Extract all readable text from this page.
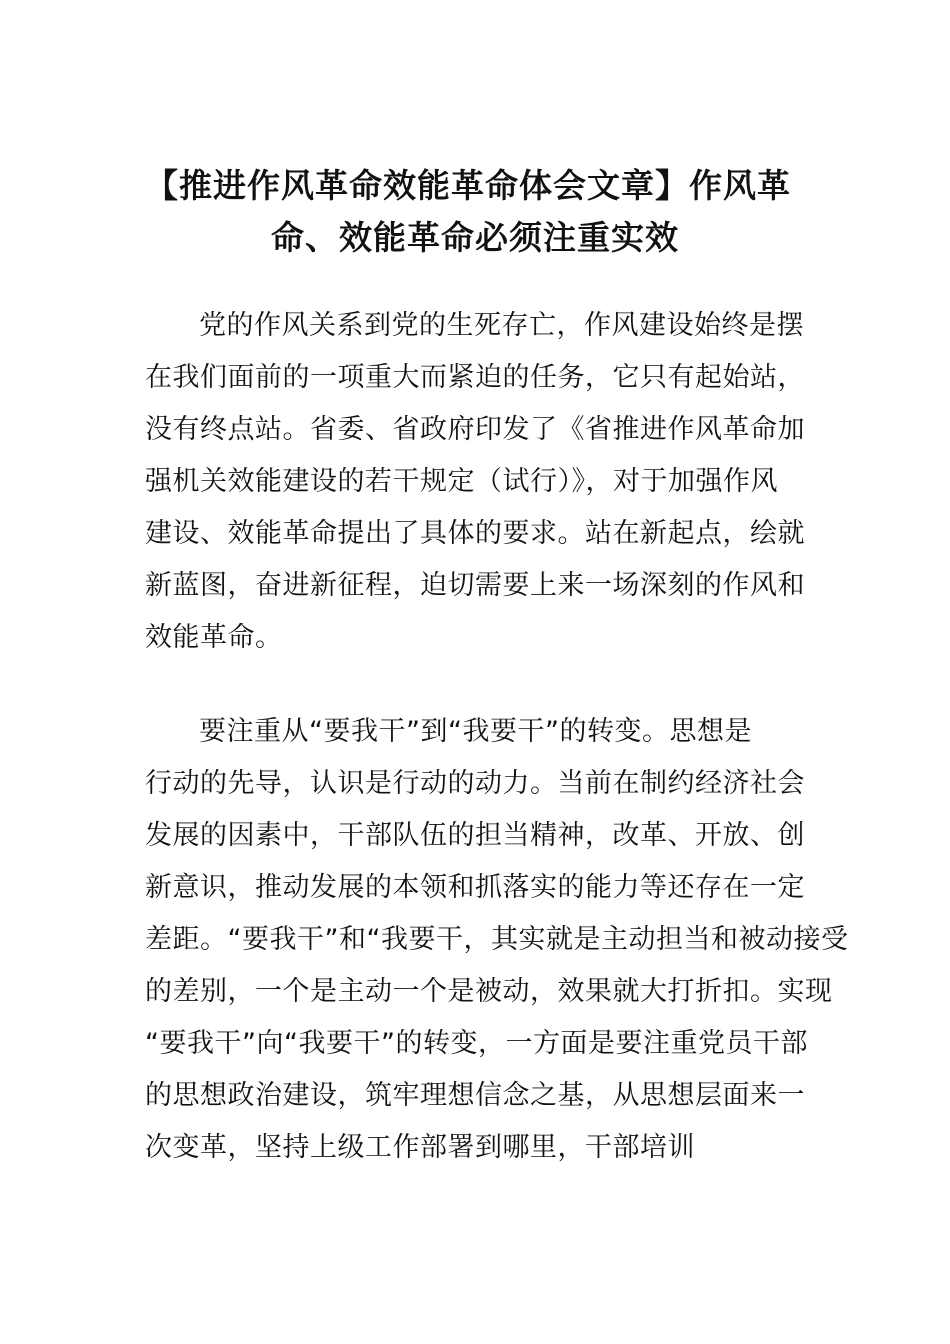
【推进作风革命效能革命体会文章】作风革
命、效能革命必须注重实效
党的作风关系到党的生死存亡，作风建设始终是摆
在我们面前的一项重大而紧迫的任务，它只有起始站，
没有终点站。省委、省政府印发了《省推进作风革命加
强机关效能建设的若干规定（试行）》，对于加强作风
建设、效能革命提出了具体的要求。站在新起点，绘就
新蓝图，奋进新征程，迫切需要上来一场深刻的作风和
效能革命。
要注重从“要我干”到“我要干”的转变。思想是
行动的先导，认识是行动的动力。当前在制约经济社会
发展的因素中，干部队伍的担当精神，改革、开放、创
新意识，推动发展的本领和抓落实的能力等还存在一定
差距。“要我干”和“我要干，其实就是主动担当和被动接受
的差别，一个是主动一个是被动，效果就大打折扣。实现
“要我干”向“我要干”的转变，一方面是要注重党员干部
的思想政治建设，筑牢理想信念之基，从思想层面来一
次变革，坚持上级工作部署到哪里，干部培训
